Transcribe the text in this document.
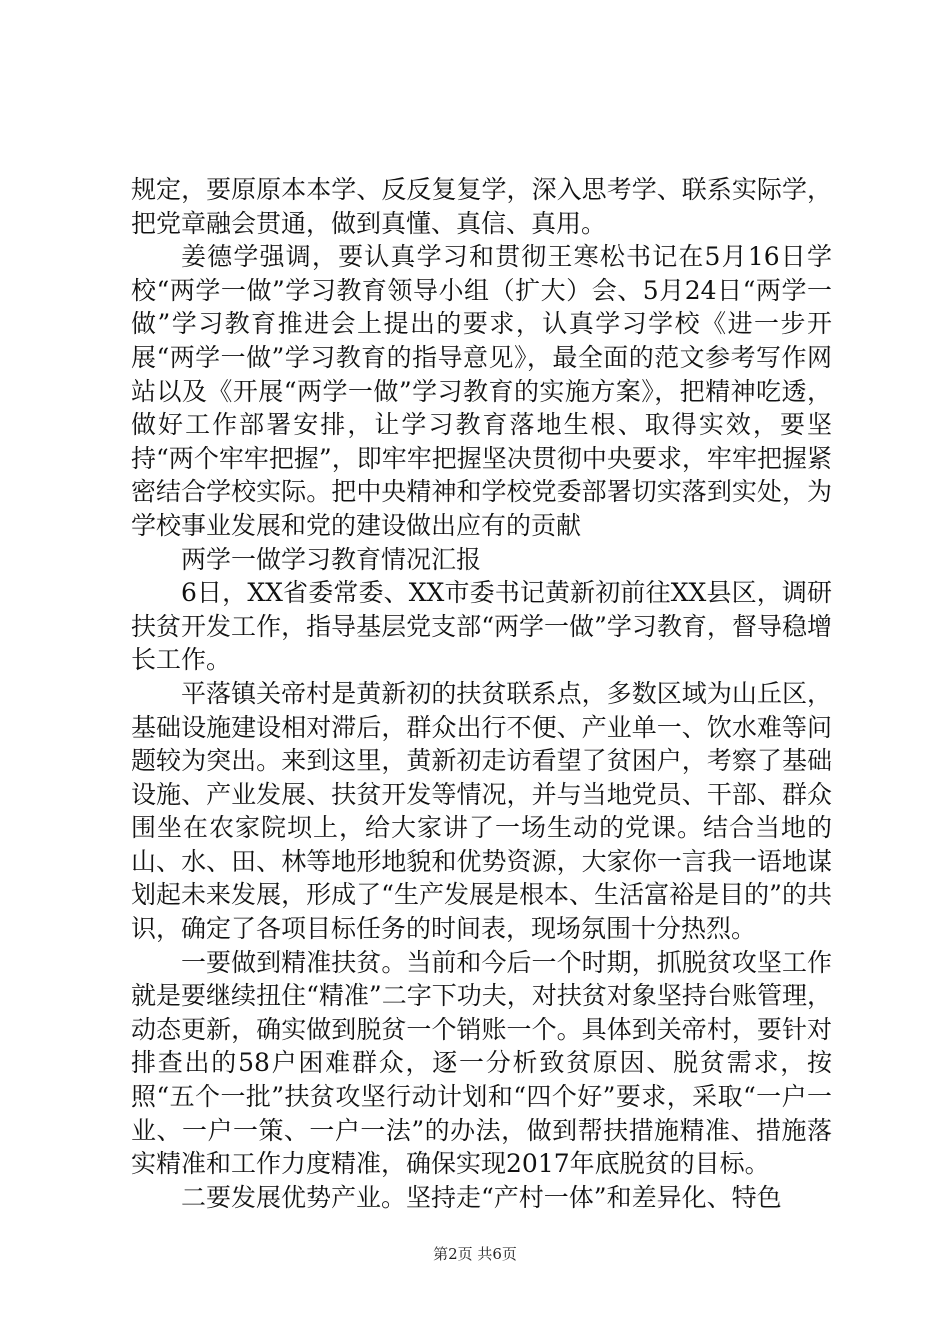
规定，要原原本本学、反反复复学，深入思考学、联系实际学，把党章融会贯通，做到真懂、真信、真用。

姜德学强调，要认真学习和贯彻王寒松书记在5月16日学校“两学一做”学习教育领导小组（扩大）会、5月24日“两学一做”学习教育推进会上提出的要求，认真学习学校《进一步开展“两学一做”学习教育的指导意见》，最全面的范文参考写作网站以及《开展“两学一做”学习教育的实施方案》，把精神吃透，做好工作部署安排，让学习教育落地生根、取得实效，要坚持“两个牢牢把握”，即牢牢把握坚决贯彻中央要求，牢牢把握紧密结合学校实际。把中央精神和学校党委部署切实落到实处，为学校事业发展和党的建设做出应有的贡献

两学一做学习教育情况汇报

6日，XX省委常委、XX市委书记黄新初前往XX县区，调研扶贫开发工作，指导基层党支部“两学一做”学习教育，督导稳增长工作。

平落镇关帝村是黄新初的扶贫联系点，多数区域为山丘区，基础设施建设相对滞后，群众出行不便、产业单一、饮水难等问题较为突出。来到这里，黄新初走访看望了贫困户，考察了基础设施、产业发展、扶贫开发等情况，并与当地党员、干部、群众围坐在农家院坝上，给大家讲了一场生动的党课。结合当地的山、水、田、林等地形地貌和优势资源，大家你一言我一语地谋划起未来发展，形成了“生产发展是根本、生活富裕是目的”的共识，确定了各项目标任务的时间表，现场氛围十分热烈。

一要做到精准扶贫。当前和今后一个时期，抓脱贫攻坚工作就是要继续扭住“精准”二字下功夫，对扶贫对象坚持台账管理，动态更新，确实做到脱贫一个销账一个。具体到关帝村，要针对排查出的58户困难群众，逐一分析致贫原因、脱贫需求，按照“五个一批”扶贫攻坚行动计划和“四个好”要求，采取“一户一业、一户一策、一户一法”的办法，做到帮扶措施精准、措施落实精准和工作力度精准，确保实现2017年底脱贫的目标。

二要发展优势产业。坚持走“产村一体”和差异化、特色

第2页 共6页
